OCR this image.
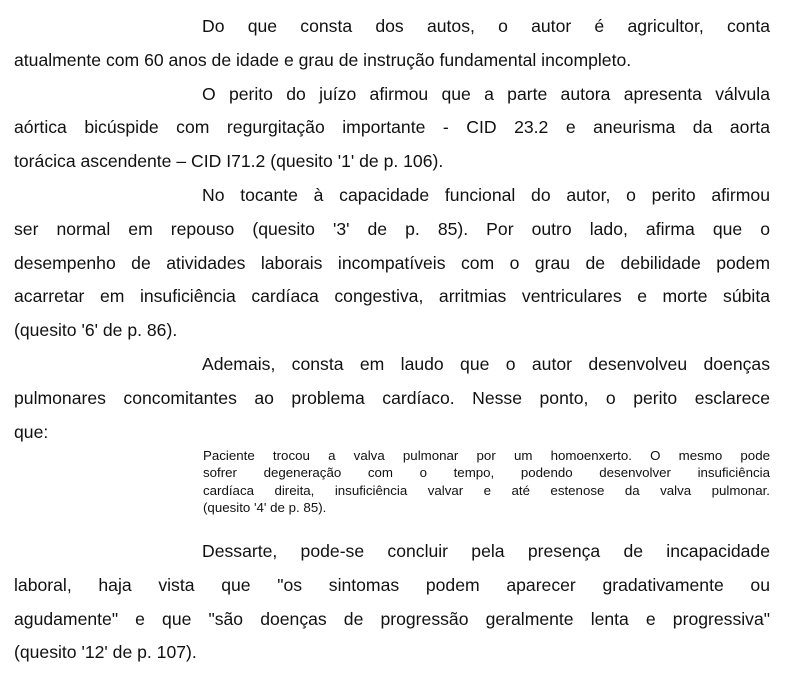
Do que consta dos autos, o autor é agricultor, conta
atualmente com 60 anos de idade e grau de instrução fundamental incompleto.
O perito do juízo afirmou que a parte autora apresenta válvula
aórtica bicúspide com regurgitação importante - CID 23.2 e aneurisma da aorta
torácica ascendente – CID I71.2 (quesito '1' de p. 106).
No tocante à capacidade funcional do autor, o perito afirmou
ser normal em repouso (quesito '3' de p. 85). Por outro lado, afirma que o
desempenho de atividades laborais incompatíveis com o grau de debilidade podem
acarretar em insuficiência cardíaca congestiva, arritmias ventriculares e morte súbita
(quesito '6' de p. 86).
Ademais, consta em laudo que o autor desenvolveu doenças
pulmonares concomitantes ao problema cardíaco. Nesse ponto, o perito esclarece
que:
Paciente trocou a valva pulmonar por um homoenxerto. O mesmo pode
sofrer degeneração com o tempo, podendo desenvolver insuficiência
cardíaca direita, insuficiência valvar e até estenose da valva pulmonar.
(quesito '4' de p. 85).
Dessarte, pode-se concluir pela presença de incapacidade
laboral, haja vista que "os sintomas podem aparecer gradativamente ou
agudamente" e que "são doenças de progressão geralmente lenta e progressiva"
(quesito '12' de p. 107).
